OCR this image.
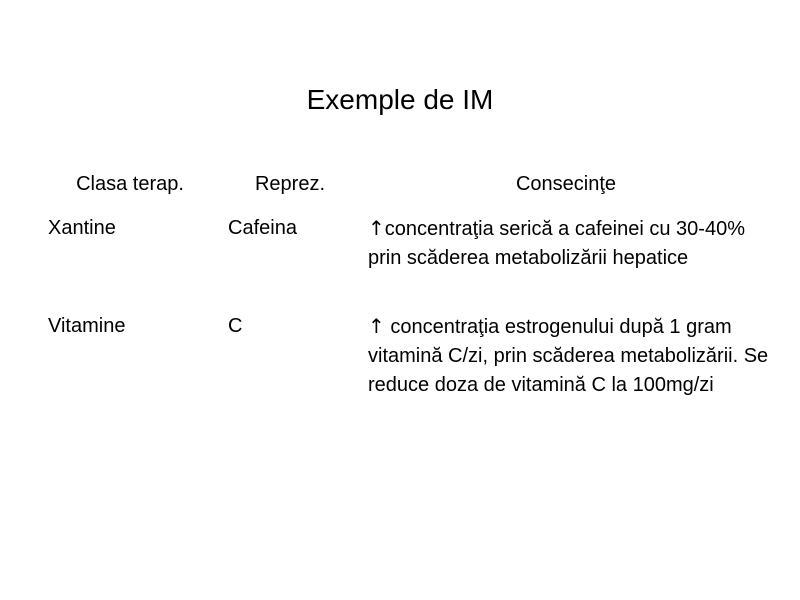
Exemple de IM
Clasa terap.	Reprez.	Consecinţe
Xantine	Cafeina	↑concentraţia serică a cafeinei cu 30-40% prin scăderea metabolizării hepatice
Vitamine	C	↑ concentraţia estrogenului după 1 gram vitamină C/zi, prin scăderea metabolizării. Se reduce doza de vitamină C la 100mg/zi
